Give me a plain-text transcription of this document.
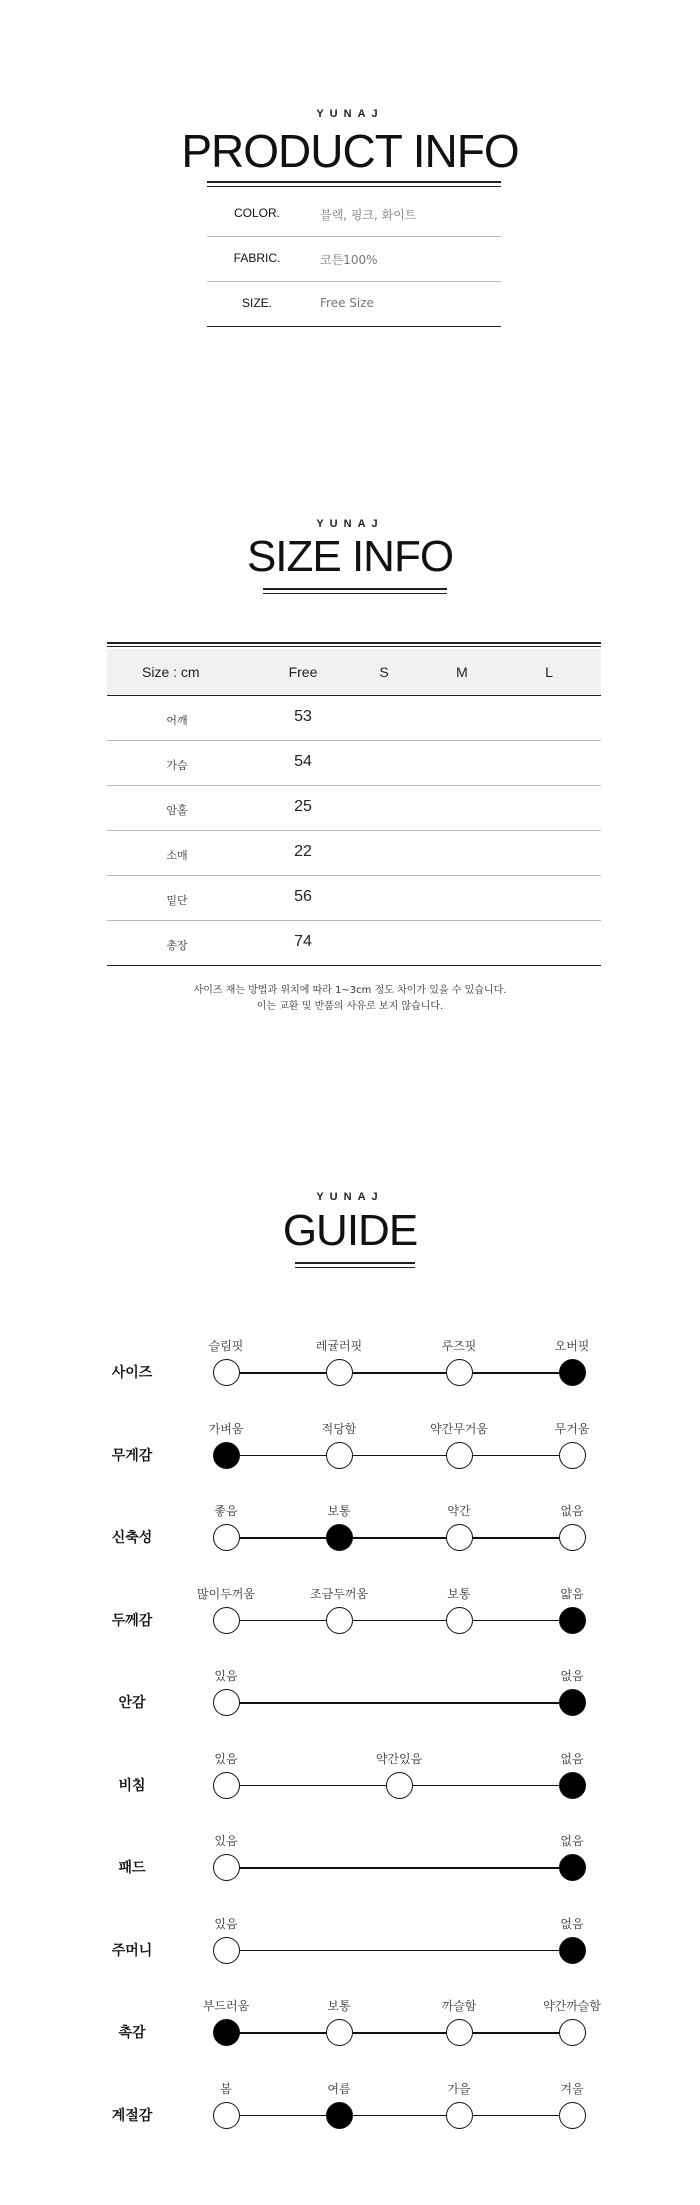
YUNAJ
PRODUCT INFO
COLOR.	블랙, 핑크, 화이트
FABRIC.	코튼100%
SIZE.	Free Size
YUNAJ
SIZE INFO
Size : cm	Free	S	M	L
어깨	53
가슴	54
암홀	25
소매	22
밑단	56
총장	74
사이즈 재는 방법과 위치에 따라 1~3cm 정도 차이가 있을 수 있습니다.
이는 교환 및 반품의 사유로 보지 않습니다.
YUNAJ
GUIDE
사이즈
슬림핏	레귤러핏	루즈핏	오버핏
무게감
가벼움	적당함	약간무거움	무거움
신축성
좋음	보통	약간	없음
두께감
많이두꺼움	조금두꺼움	보통	얇음
안감
있음	없음
비침
있음	약간있음	없음
패드
있음	없음
주머니
있음	없음
촉감
부드러움	보통	까슬함	약간까슬함
계절감
봄	여름	가을	겨울
